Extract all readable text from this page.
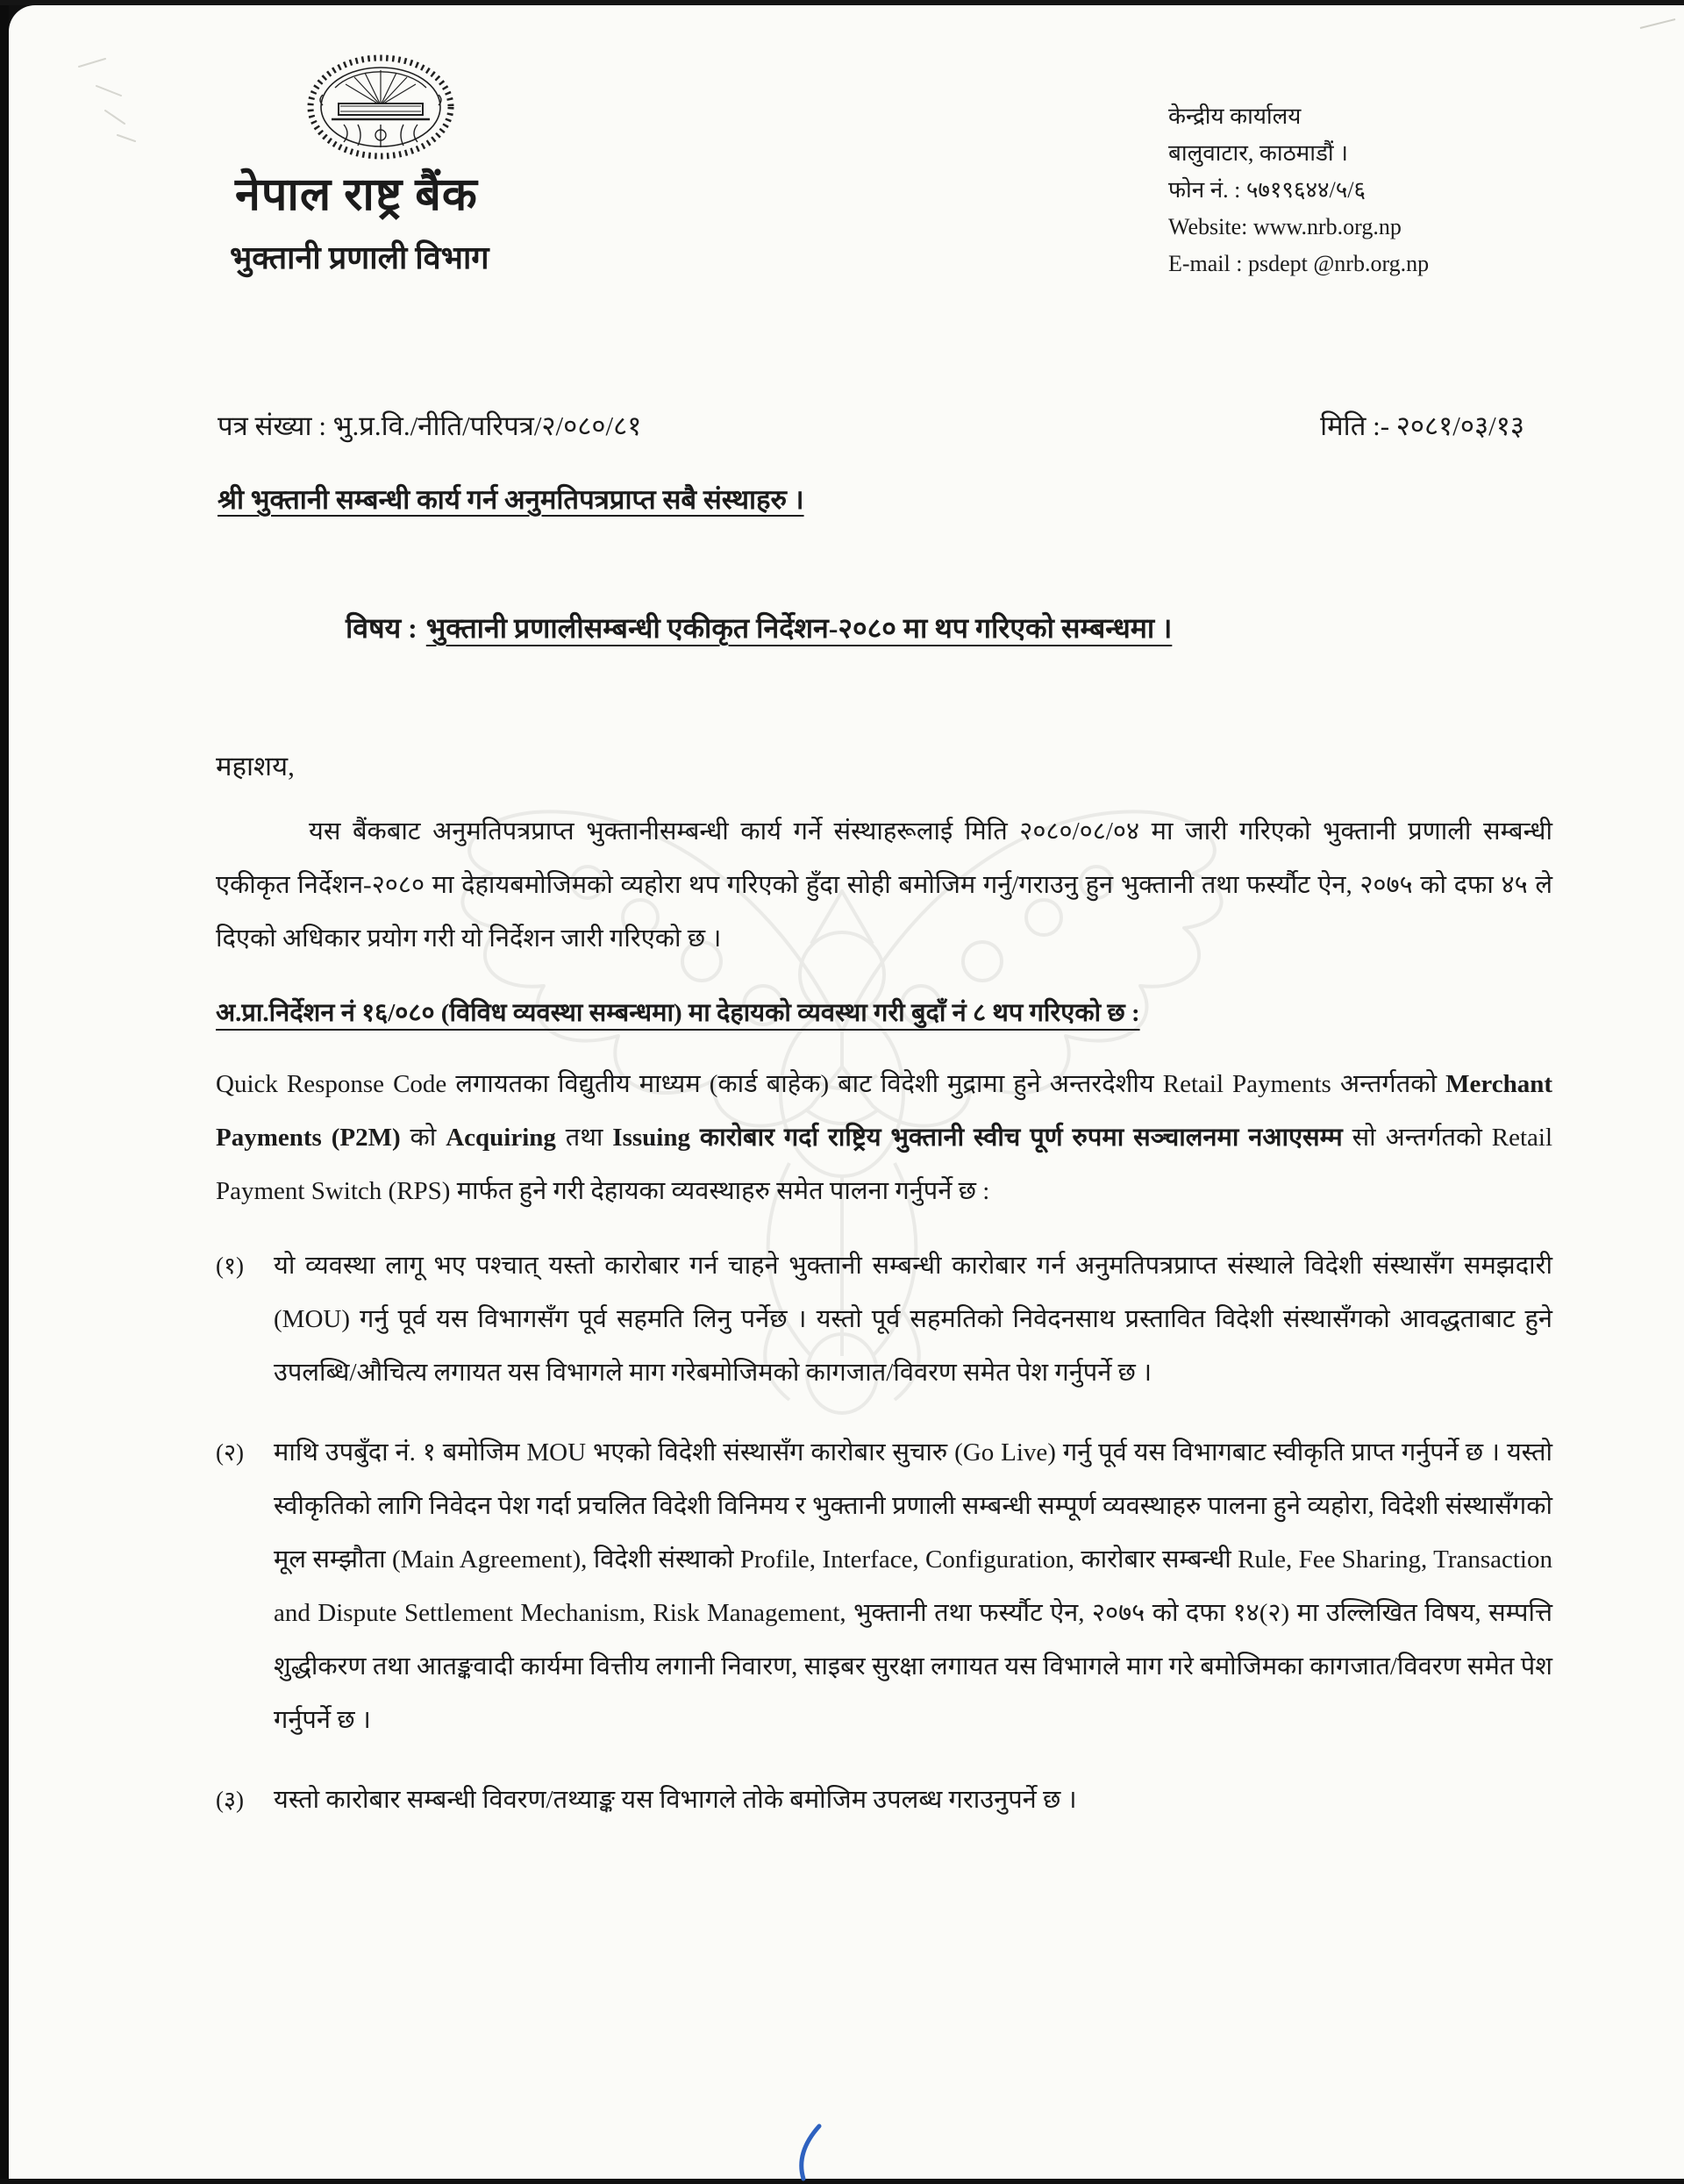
नेपाल राष्ट्र बैंक
भुक्तानी प्रणाली विभाग
केन्द्रीय कार्यालय
बालुवाटार, काठमाडौं ।
फोन नं. : ५७१९६४४/५/६
Website: www.nrb.org.np
E-mail : psdept @nrb.org.np
पत्र संख्या : भु.प्र.वि./नीति/परिपत्र/२/०८०/८१	मिति :- २०८१/०३/१३
श्री भुक्तानी सम्बन्धी कार्य गर्न अनुमतिपत्रप्राप्त सबै संस्थाहरु ।
विषय : भुक्तानी प्रणालीसम्बन्धी एकीकृत निर्देशन-२०८० मा थप गरिएको सम्बन्धमा ।
महाशय,

यस बैंकबाट अनुमतिपत्रप्राप्त भुक्तानीसम्बन्धी कार्य गर्ने संस्थाहरूलाई मिति २०८०/०८/०४ मा जारी गरिएको भुक्तानी प्रणाली सम्बन्धी एकीकृत निर्देशन-२०८० मा देहायबमोजिमको व्यहोरा थप गरिएको हुँदा सोही बमोजिम गर्नु/गराउनु हुन भुक्तानी तथा फर्स्यौट ऐन, २०७५ को दफा ४५ ले दिएको अधिकार प्रयोग गरी यो निर्देशन जारी गरिएको छ ।

अ.प्रा.निर्देशन नं १६/०८० (विविध व्यवस्था सम्बन्धमा) मा देहायको व्यवस्था गरी बुदाँ नं ८ थप गरिएको छ :

Quick Response Code लगायतका विद्युतीय माध्यम (कार्ड बाहेक) बाट विदेशी मुद्रामा हुने अन्तरदेशीय Retail Payments अन्तर्गतको Merchant Payments (P2M) को Acquiring तथा Issuing कारोबार गर्दा राष्ट्रिय भुक्तानी स्वीच पूर्ण रुपमा सञ्चालनमा नआएसम्म सो अन्तर्गतको Retail Payment Switch (RPS) मार्फत हुने गरी देहायका व्यवस्थाहरु समेत पालना गर्नुपर्ने छ :

(१)	यो व्यवस्था लागू भए पश्चात् यस्तो कारोबार गर्न चाहने भुक्तानी सम्बन्धी कारोबार गर्न अनुमतिपत्रप्राप्त संस्थाले विदेशी संस्थासँग समझदारी (MOU) गर्नु पूर्व यस विभागसँग पूर्व सहमति लिनु पर्नेछ । यस्तो पूर्व सहमतिको निवेदनसाथ प्रस्तावित विदेशी संस्थासँगको आवद्धताबाट हुने उपलब्धि/औचित्य लगायत यस विभागले माग गरेबमोजिमको कागजात/विवरण समेत पेश गर्नुपर्ने छ ।
(२)	माथि उपबुँदा नं. १ बमोजिम MOU भएको विदेशी संस्थासँग कारोबार सुचारु (Go Live) गर्नु पूर्व यस विभागबाट स्वीकृति प्राप्त गर्नुपर्ने छ । यस्तो स्वीकृतिको लागि निवेदन पेश गर्दा प्रचलित विदेशी विनिमय र भुक्तानी प्रणाली सम्बन्धी सम्पूर्ण व्यवस्थाहरु पालना हुने व्यहोरा, विदेशी संस्थासँगको मूल सम्झौता (Main Agreement), विदेशी संस्थाको Profile, Interface, Configuration, कारोबार सम्बन्धी Rule, Fee Sharing, Transaction and Dispute Settlement Mechanism, Risk Management, भुक्तानी तथा फर्स्यौट ऐन, २०७५ को दफा १४(२) मा उल्लिखित विषय, सम्पत्ति शुद्धीकरण तथा आतङ्कवादी कार्यमा वित्तीय लगानी निवारण, साइबर सुरक्षा लगायत यस विभागले माग गरे बमोजिमका कागजात/विवरण समेत पेश गर्नुपर्ने छ ।
(३)	यस्तो कारोबार सम्बन्धी विवरण/तथ्याङ्क यस विभागले तोके बमोजिम उपलब्ध गराउनुपर्ने छ ।
